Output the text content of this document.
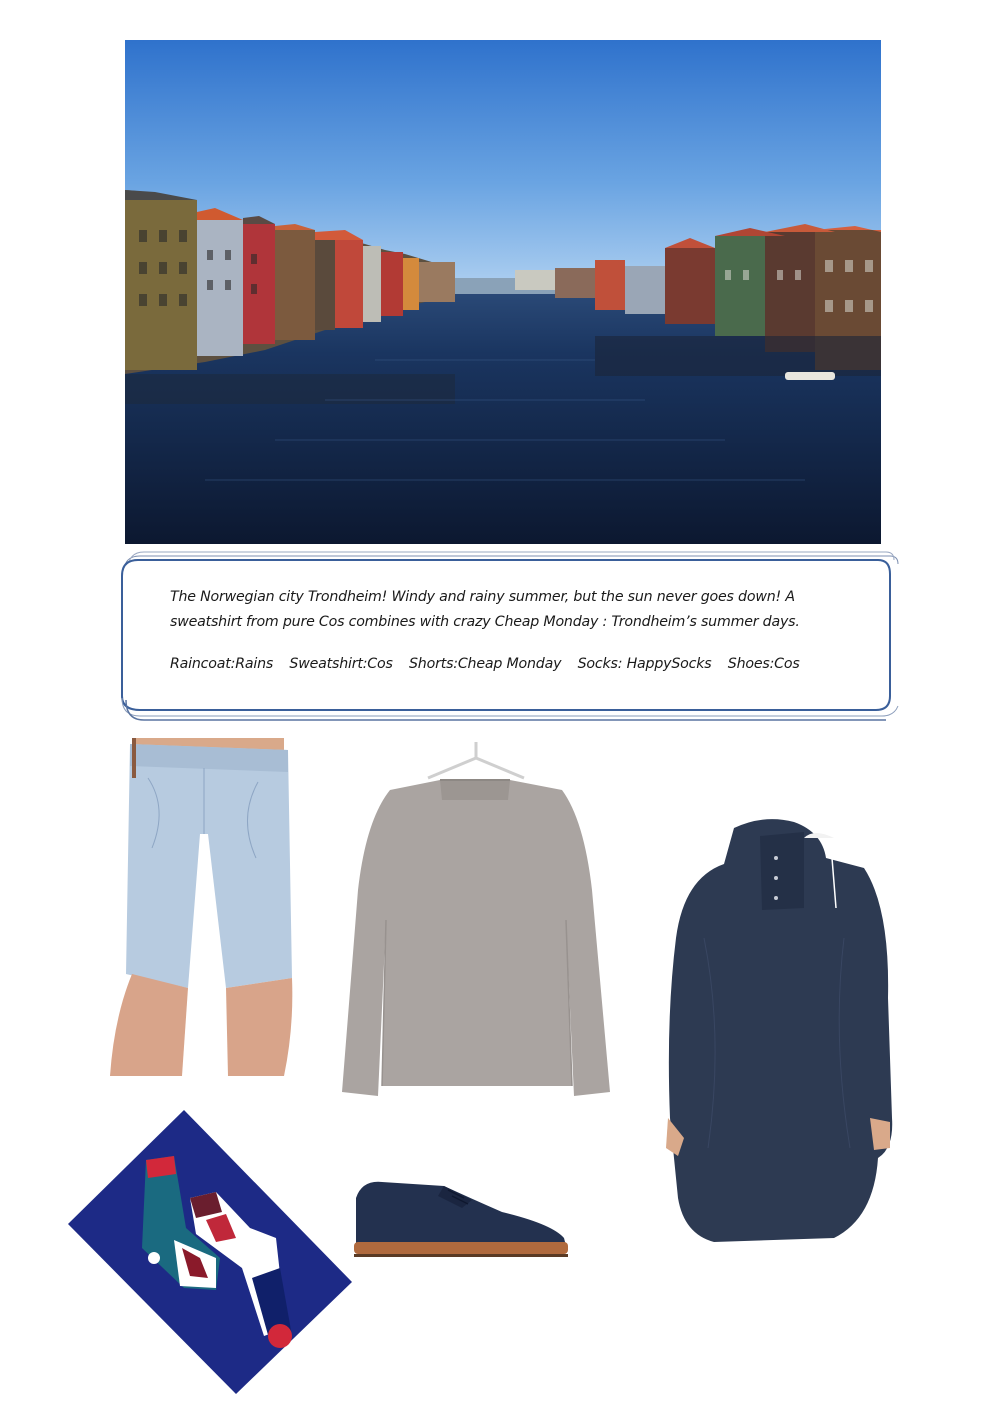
The Norwegian city Trondheim! Windy and rainy summer, but the sun never goes down! A sweatshirt from pure Cos combines with crazy Cheap Monday : Trondheim’s summer days.
Raincoat:Rains Sweatshirt:Cos Shorts:Cheap Monday Socks: HappySocks Shoes:Cos
